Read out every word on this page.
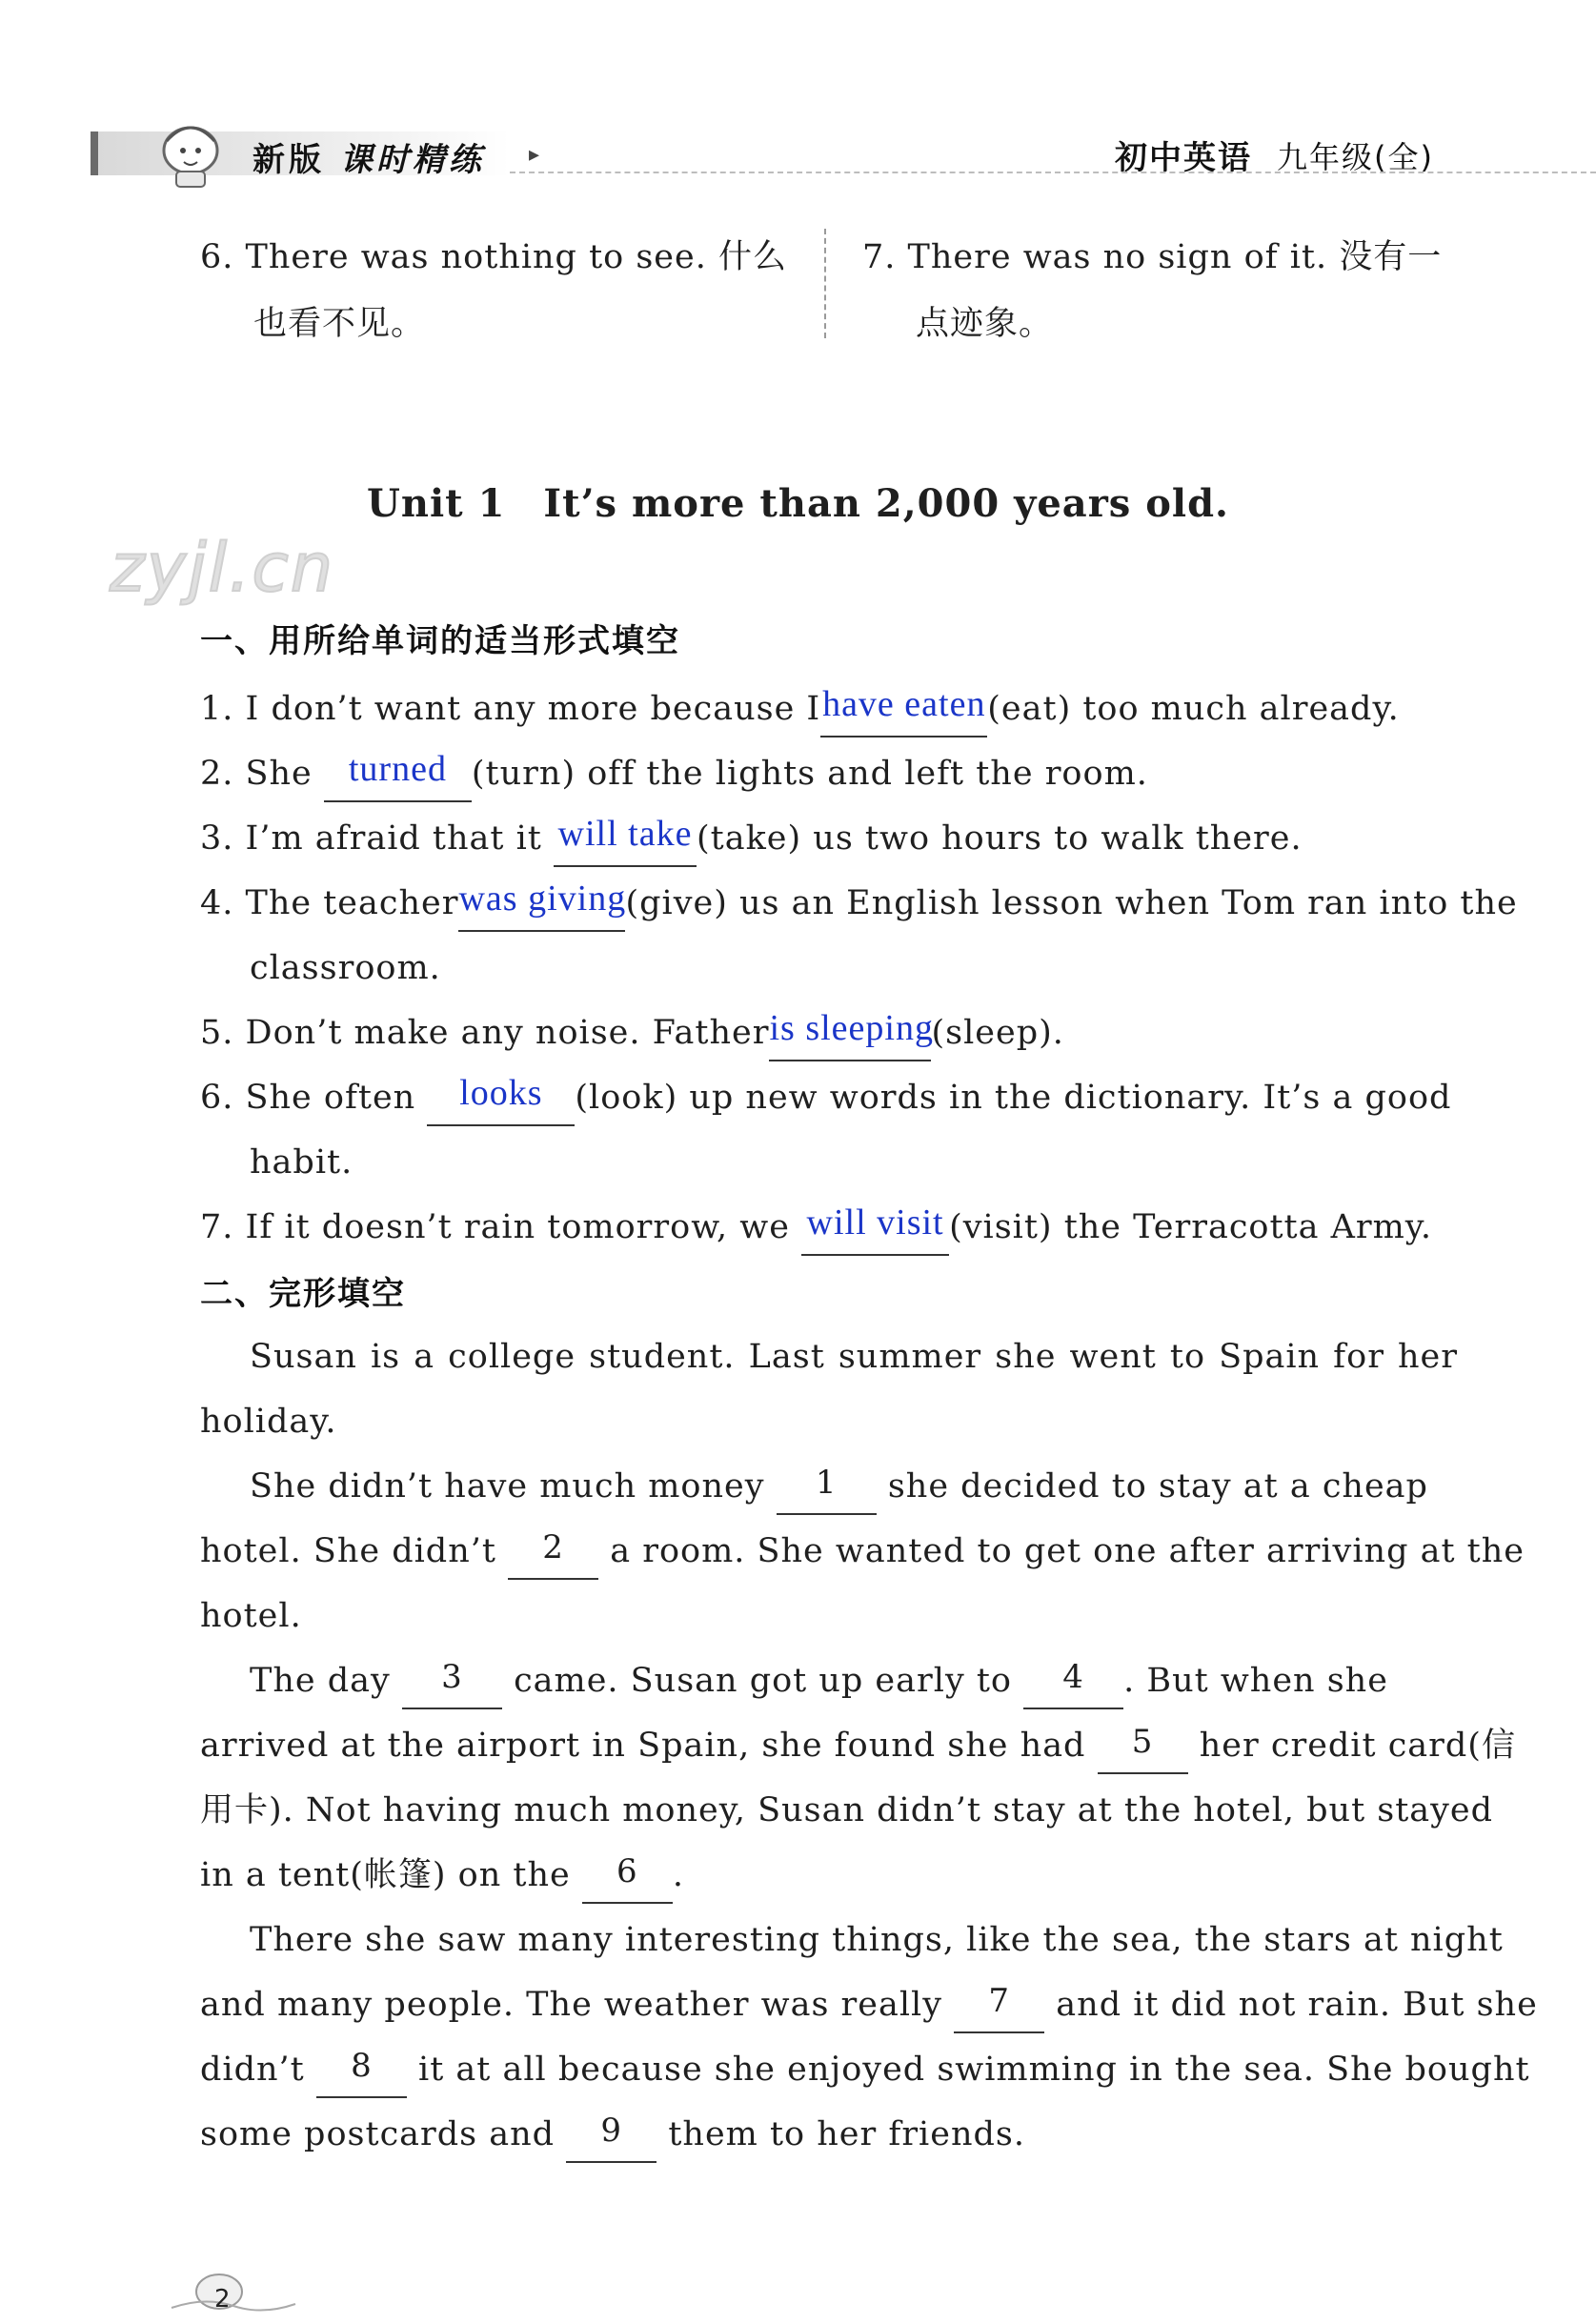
新版 课时精练 ▸	初中英语 九年级(全)
6. There was nothing to see. 什么
也看不见。
7. There was no sign of it. 没有一
点迹象。
Unit 1 It’s more than 2,000 years old.
zyjl.cn
一、用所给单词的适当形式填空
1. I don’t want any more because Ihave eaten(eat) too much already.
2. She turned (turn) off the lights and left the room.
3. I’m afraid that it will take (take) us two hours to walk there.
4. The teacherwas giving(give) us an English lesson when Tom ran into the
classroom.
5. Don’t make any noise. Fatheris sleeping(sleep).
6. She often looks (look) up new words in the dictionary. It’s a good
habit.
7. If it doesn’t rain tomorrow, we will visit (visit) the Terracotta Army.
二、完形填空
Susan is a college student. Last summer she went to Spain for her
holiday.
She didn’t have much money 1 she decided to stay at a cheap
hotel. She didn’t 2 a room. She wanted to get one after arriving at the
hotel.
The day 3 came. Susan got up early to 4 . But when she
arrived at the airport in Spain, she found she had 5 her credit card(信
用卡). Not having much money, Susan didn’t stay at the hotel, but stayed
in a tent(帐篷) on the 6 .
There she saw many interesting things, like the sea, the stars at night
and many people. The weather was really 7 and it did not rain. But she
didn’t 8 it at all because she enjoyed swimming in the sea. She bought
some postcards and 9 them to her friends.
2
